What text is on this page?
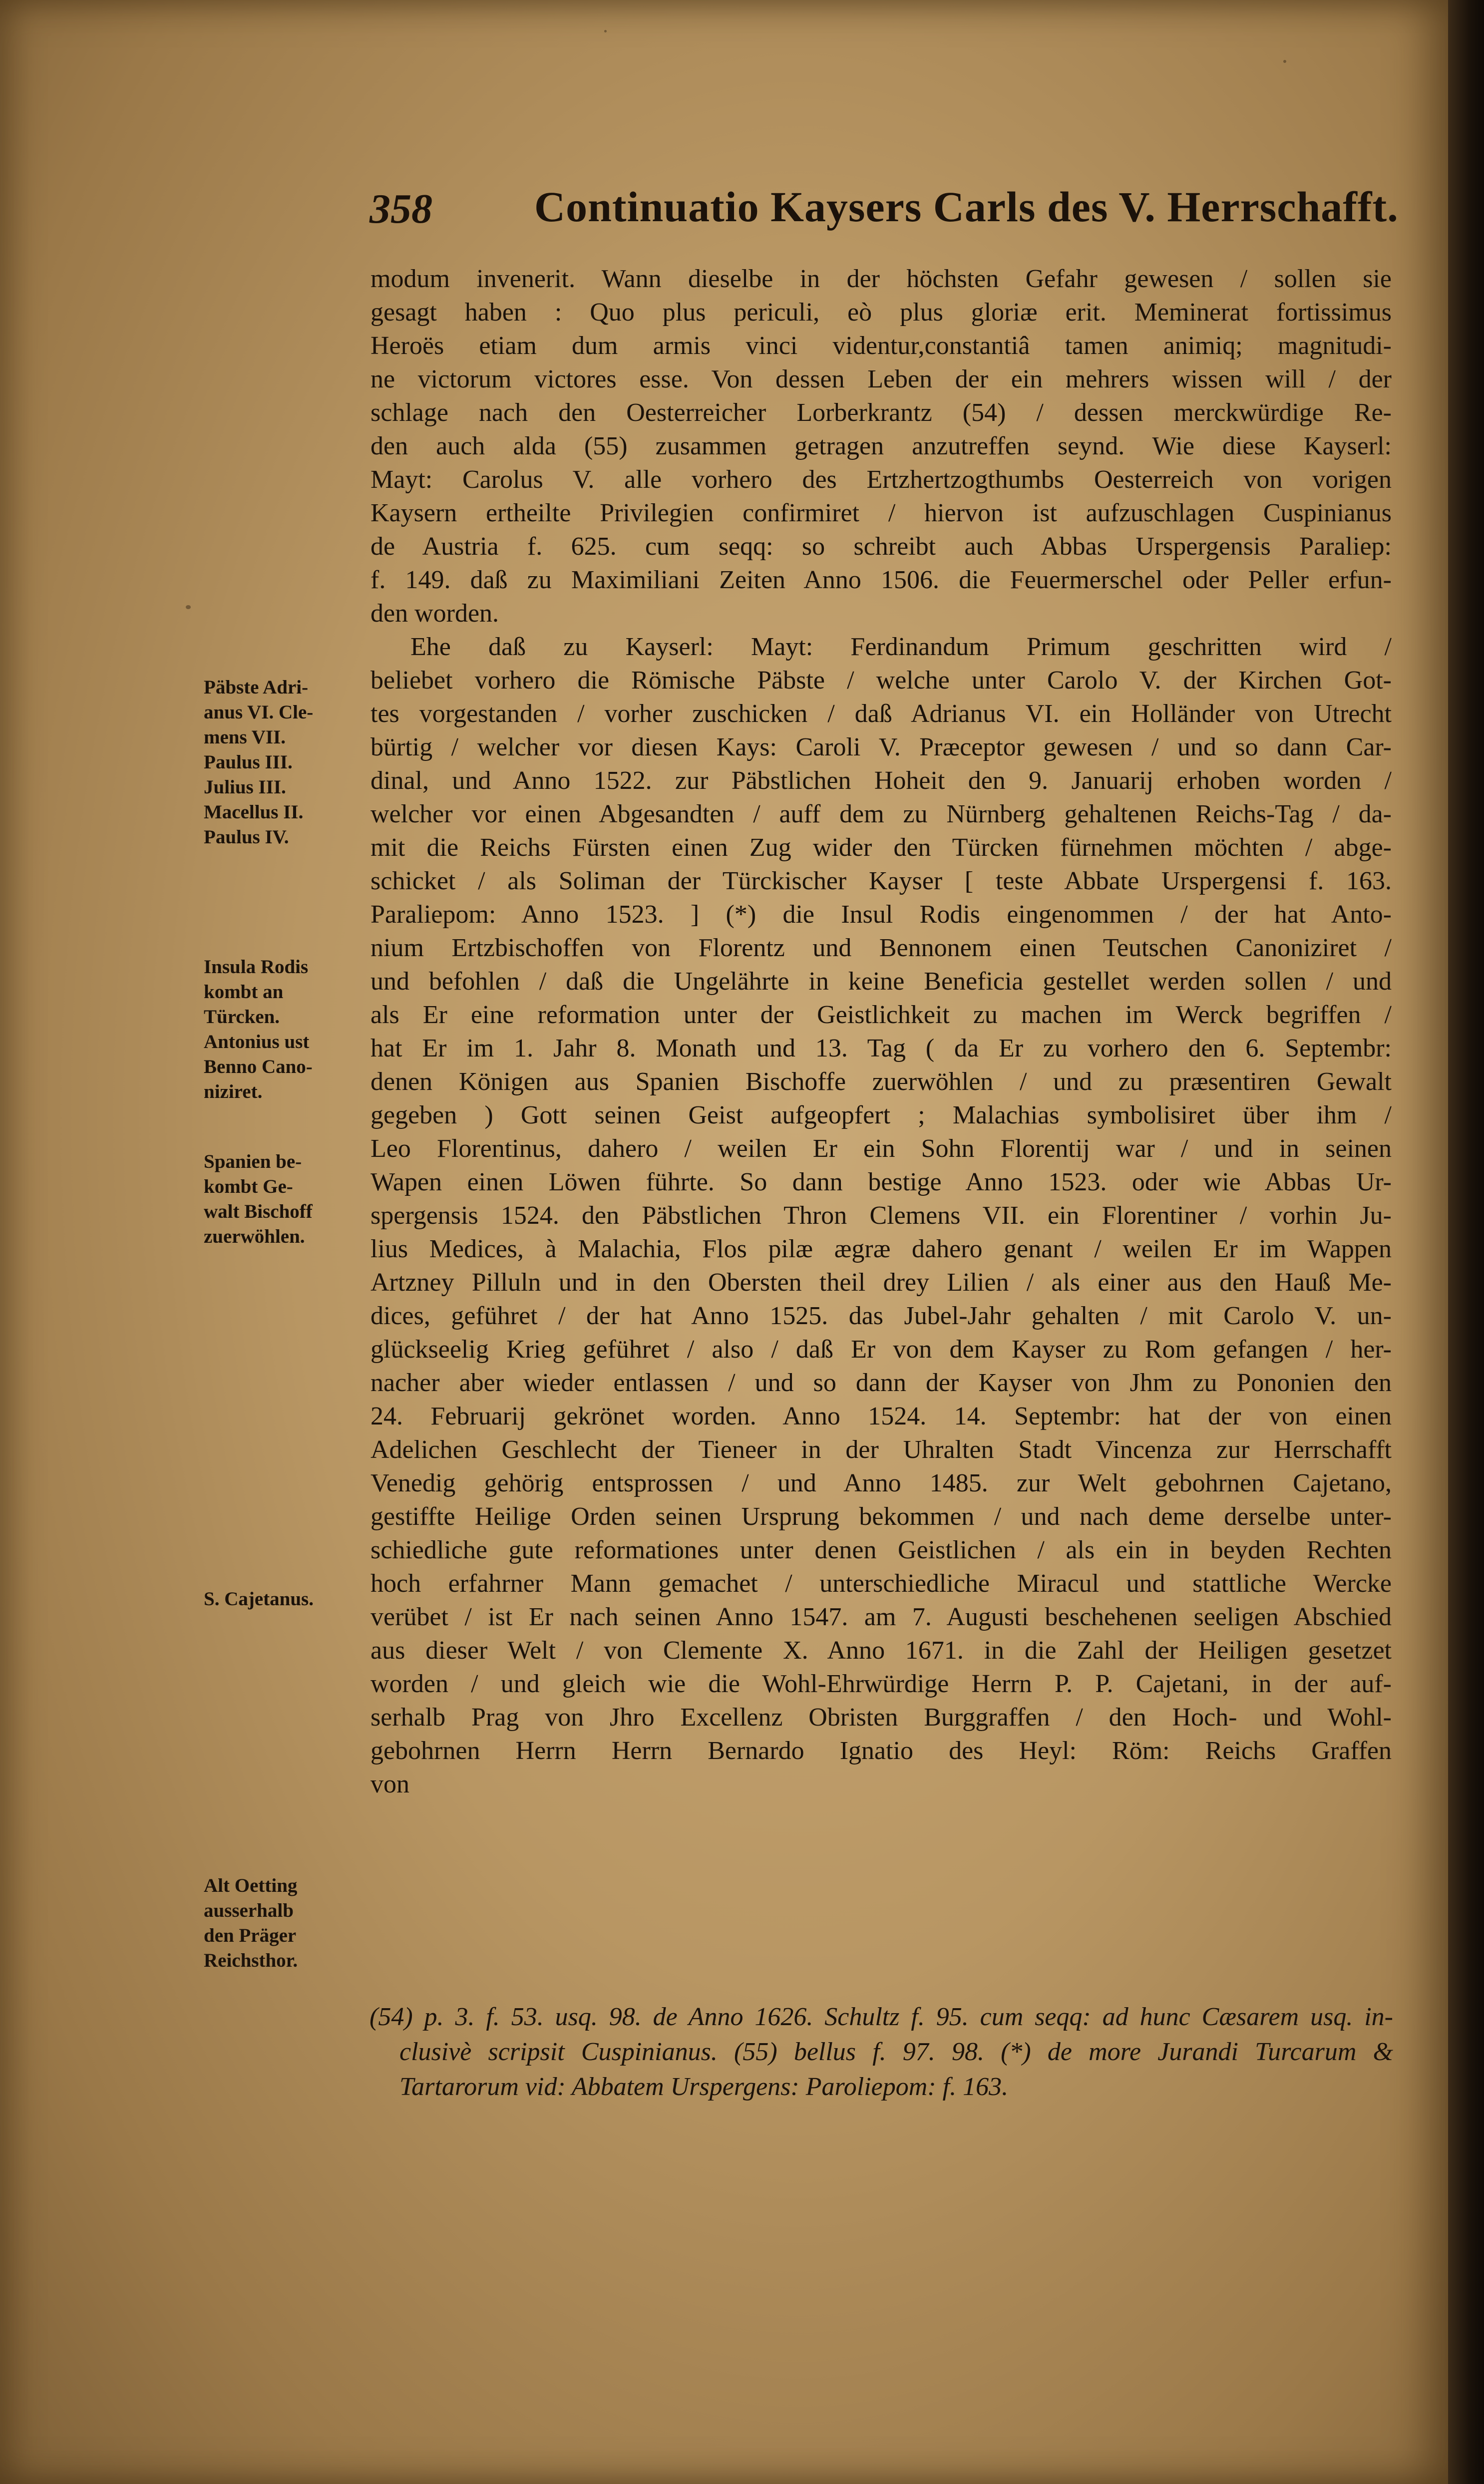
358 Continuatio Kaysers Carls des V. Herrschafft.
modum invenerit. Wann dieselbe in der höchsten Gefahr gewesen / sollen sie
gesagt haben : Quo plus periculi, eò plus gloriæ erit. Meminerat fortissimus
Heroës etiam dum armis vinci videntur,constantiâ tamen animiq; magnitudi-
ne victorum victores esse. Von dessen Leben der ein mehrers wissen will / der
schlage nach den Oesterreicher Lorberkrantz (54) / dessen merckwürdige Re-
den auch alda (55) zusammen getragen anzutreffen seynd. Wie diese Kayserl:
Mayt: Carolus V. alle vorhero des Ertzhertzogthumbs Oesterreich von vorigen
Kaysern ertheilte Privilegien confirmiret / hiervon ist aufzuschlagen Cuspinianus
de Austria f. 625. cum seqq: so schreibt auch Abbas Urspergensis Paraliep:
f. 149. daß zu Maximiliani Zeiten Anno 1506. die Feuermerschel oder Peller erfun-
den worden.
Ehe daß zu Kayserl: Mayt: Ferdinandum Primum geschritten wird /
beliebet vorhero die Römische Päbste / welche unter Carolo V. der Kirchen Got-
tes vorgestanden / vorher zuschicken / daß Adrianus VI. ein Holländer von Utrecht
bürtig / welcher vor diesen Kays: Caroli V. Præceptor gewesen / und so dann Car-
dinal, und Anno 1522. zur Päbstlichen Hoheit den 9. Januarij erhoben worden /
welcher vor einen Abgesandten / auff dem zu Nürnberg gehaltenen Reichs-Tag / da-
mit die Reichs Fürsten einen Zug wider den Türcken fürnehmen möchten / abge-
schicket / als Soliman der Türckischer Kayser [ teste Abbate Urspergensi f. 163.
Paraliepom: Anno 1523. ] (*) die Insul Rodis eingenommen / der hat Anto-
nium Ertzbischoffen von Florentz und Bennonem einen Teutschen Canoniziret /
und befohlen / daß die Ungelährte in keine Beneficia gestellet werden sollen / und
als Er eine reformation unter der Geistlichkeit zu machen im Werck begriffen /
hat Er im 1. Jahr 8. Monath und 13. Tag ( da Er zu vorhero den 6. Septembr:
denen Königen aus Spanien Bischoffe zuerwöhlen / und zu præsentiren Gewalt
gegeben ) Gott seinen Geist aufgeopfert ; Malachias symbolisiret über ihm /
Leo Florentinus, dahero / weilen Er ein Sohn Florentij war / und in seinen
Wapen einen Löwen führte. So dann bestige Anno 1523. oder wie Abbas Ur-
spergensis 1524. den Päbstlichen Thron Clemens VII. ein Florentiner / vorhin Ju-
lius Medices, à Malachia, Flos pilæ ægræ dahero genant / weilen Er im Wappen
Artzney Pilluln und in den Obersten theil drey Lilien / als einer aus den Hauß Me-
dices, geführet / der hat Anno 1525. das Jubel-Jahr gehalten / mit Carolo V. un-
glückseelig Krieg geführet / also / daß Er von dem Kayser zu Rom gefangen / her-
nacher aber wieder entlassen / und so dann der Kayser von Jhm zu Pononien den
24. Februarij gekrönet worden. Anno 1524. 14. Septembr: hat der von einen
Adelichen Geschlecht der Tieneer in der Uhralten Stadt Vincenza zur Herrschafft
Venedig gehörig entsprossen / und Anno 1485. zur Welt gebohrnen Cajetano,
gestiffte Heilige Orden seinen Ursprung bekommen / und nach deme derselbe unter-
schiedliche gute reformationes unter denen Geistlichen / als ein in beyden Rechten
hoch erfahrner Mann gemachet / unterschiedliche Miracul und stattliche Wercke
verübet / ist Er nach seinen Anno 1547. am 7. Augusti beschehenen seeligen Abschied
aus dieser Welt / von Clemente X. Anno 1671. in die Zahl der Heiligen gesetzet
worden / und gleich wie die Wohl-Ehrwürdige Herrn P. P. Cajetani, in der auf-
serhalb Prag von Jhro Excellenz Obristen Burggraffen / den Hoch- und Wohl-
gebohrnen Herrn Herrn Bernardo Ignatio des Heyl: Röm: Reichs Graffen
von
Päbste Adri-
anus VI. Cle-
mens VII.
Paulus III.
Julius III.
Macellus II.
Paulus IV.
Insula Rodis
kombt an
Türcken.
Antonius ust
Benno Cano-
niziret.
Spanien be-
kombt Ge-
walt Bischoff
zuerwöhlen.
S. Cajetanus.
Alt Oetting
ausserhalb
den Präger
Reichsthor.
(54) p. 3. f. 53. usq. 98. de Anno 1626. Schultz f. 95. cum seqq: ad hunc Cæsarem usq. in-
clusivè scripsit Cuspinianus. (55) bellus f. 97. 98. (*) de more Jurandi Turcarum &
Tartarorum vid: Abbatem Urspergens: Paroliepom: f. 163.
